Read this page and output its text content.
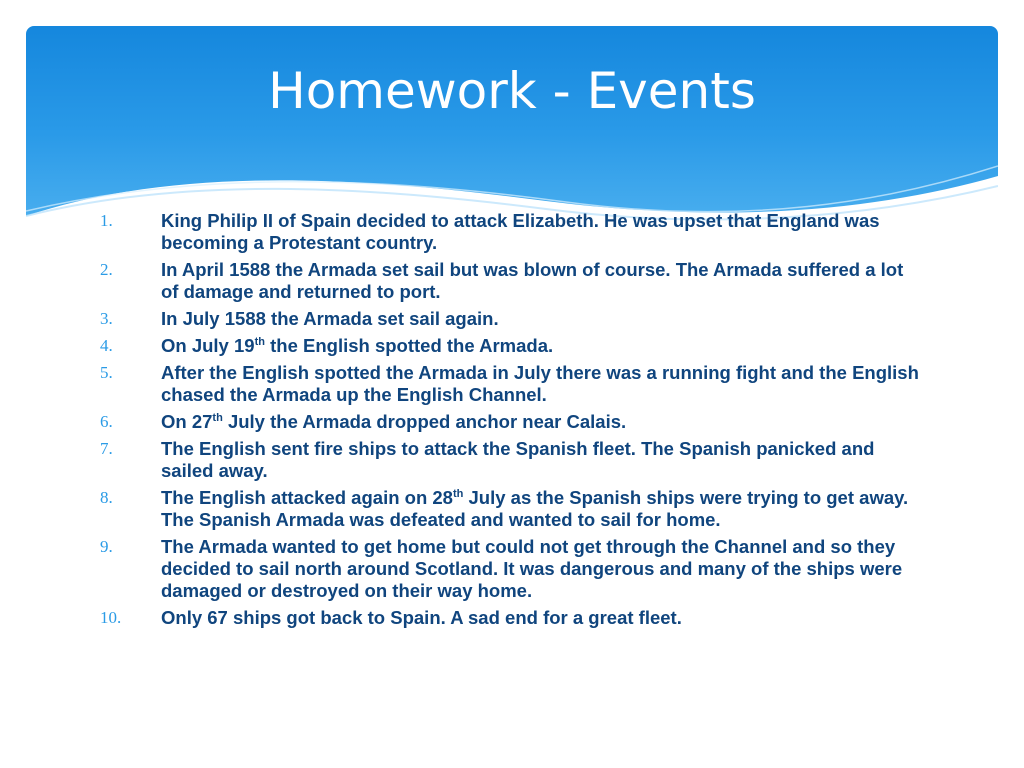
Homework - Events
1.	King Philip II of Spain decided to attack Elizabeth. He was upset that England was becoming a Protestant country.
2.	In April 1588 the Armada set sail but was blown of course. The Armada suffered a lot of damage and returned to port.
3.	In July 1588 the Armada set sail again.
4.	On July 19th the English spotted the Armada.
5.	After the English spotted the Armada in July there was a running fight and the English chased the Armada up the English Channel.
6.	On 27th July the Armada dropped anchor near Calais.
7.	The English sent fire ships to attack the Spanish fleet. The Spanish panicked and sailed away.
8.	The English attacked again on 28th July as the Spanish ships were trying to get away. The Spanish Armada was defeated and wanted to sail for home.
9.	The Armada wanted to get home but could not get through the Channel and so they decided to sail north around Scotland. It was dangerous and many of the ships were damaged or destroyed on their way home.
10. Only 67 ships got back to Spain. A sad end for a great fleet.
